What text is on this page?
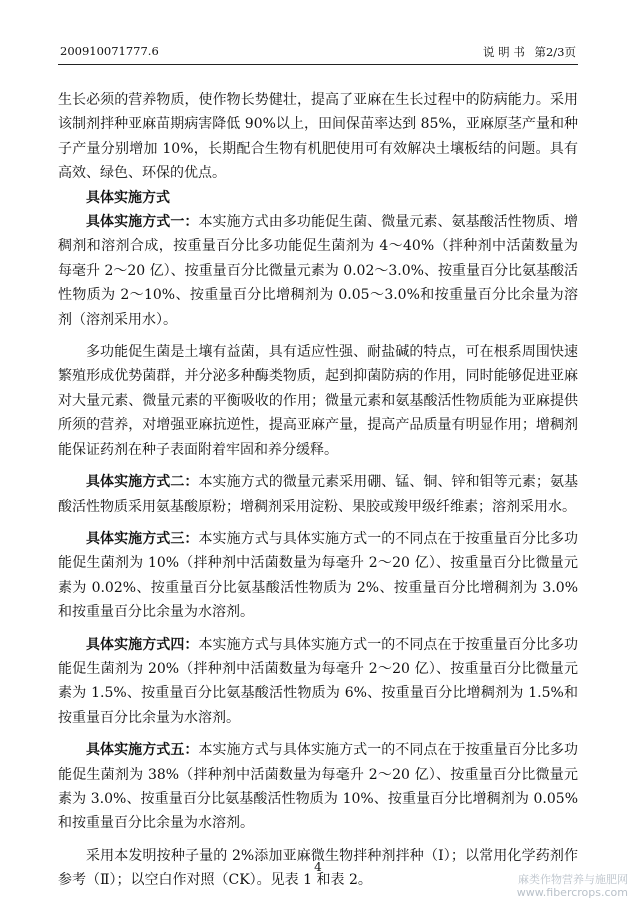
200910071777.6	说 明 书 第2/3页

生长必须的营养物质，使作物长势健壮，提高了亚麻在生长过程中的防病能力。采用该制剂拌种亚麻苗期病害降低 90%以上，田间保苗率达到 85%，亚麻原茎产量和种子产量分别增加 10%，长期配合生物有机肥使用可有效解决土壤板结的问题。具有高效、绿色、环保的优点。

具体实施方式

具体实施方式一：本实施方式由多功能促生菌、微量元素、氨基酸活性物质、增稠剂和溶剂合成，按重量百分比多功能促生菌剂为 4～40%（拌种剂中活菌数量为每毫升 2～20 亿）、按重量百分比微量元素为 0.02～3.0%、按重量百分比氨基酸活性物质为 2～10%、按重量百分比增稠剂为 0.05～3.0%和按重量百分比余量为溶剂（溶剂采用水）。

多功能促生菌是土壤有益菌，具有适应性强、耐盐碱的特点，可在根系周围快速繁殖形成优势菌群，并分泌多种酶类物质，起到抑菌防病的作用，同时能够促进亚麻对大量元素、微量元素的平衡吸收的作用；微量元素和氨基酸活性物质能为亚麻提供所须的营养，对增强亚麻抗逆性，提高亚麻产量，提高产品质量有明显作用；增稠剂能保证药剂在种子表面附着牢固和养分缓释。

具体实施方式二：本实施方式的微量元素采用硼、锰、铜、锌和钼等元素；氨基酸活性物质采用氨基酸原粉；增稠剂采用淀粉、果胶或羧甲级纤维素；溶剂采用水。

具体实施方式三：本实施方式与具体实施方式一的不同点在于按重量百分比多功能促生菌剂为 10%（拌种剂中活菌数量为每毫升 2～20 亿）、按重量百分比微量元素为 0.02%、按重量百分比氨基酸活性物质为 2%、按重量百分比增稠剂为 3.0%和按重量百分比余量为水溶剂。

具体实施方式四：本实施方式与具体实施方式一的不同点在于按重量百分比多功能促生菌剂为 20%（拌种剂中活菌数量为每毫升 2～20 亿）、按重量百分比微量元素为 1.5%、按重量百分比氨基酸活性物质为 6%、按重量百分比增稠剂为 1.5%和按重量百分比余量为水溶剂。

具体实施方式五：本实施方式与具体实施方式一的不同点在于按重量百分比多功能促生菌剂为 38%（拌种剂中活菌数量为每毫升 2～20 亿）、按重量百分比微量元素为 3.0%、按重量百分比氨基酸活性物质为 10%、按重量百分比增稠剂为 0.05%和按重量百分比余量为水溶剂。

采用本发明按种子量的 2%添加亚麻微生物拌种剂拌种（Ⅰ）；以常用化学药剂作参考（Ⅱ）；以空白作对照（CK）。见表 1 和表 2。

4
麻类作物营养与施肥网
www.fibercrops.com
